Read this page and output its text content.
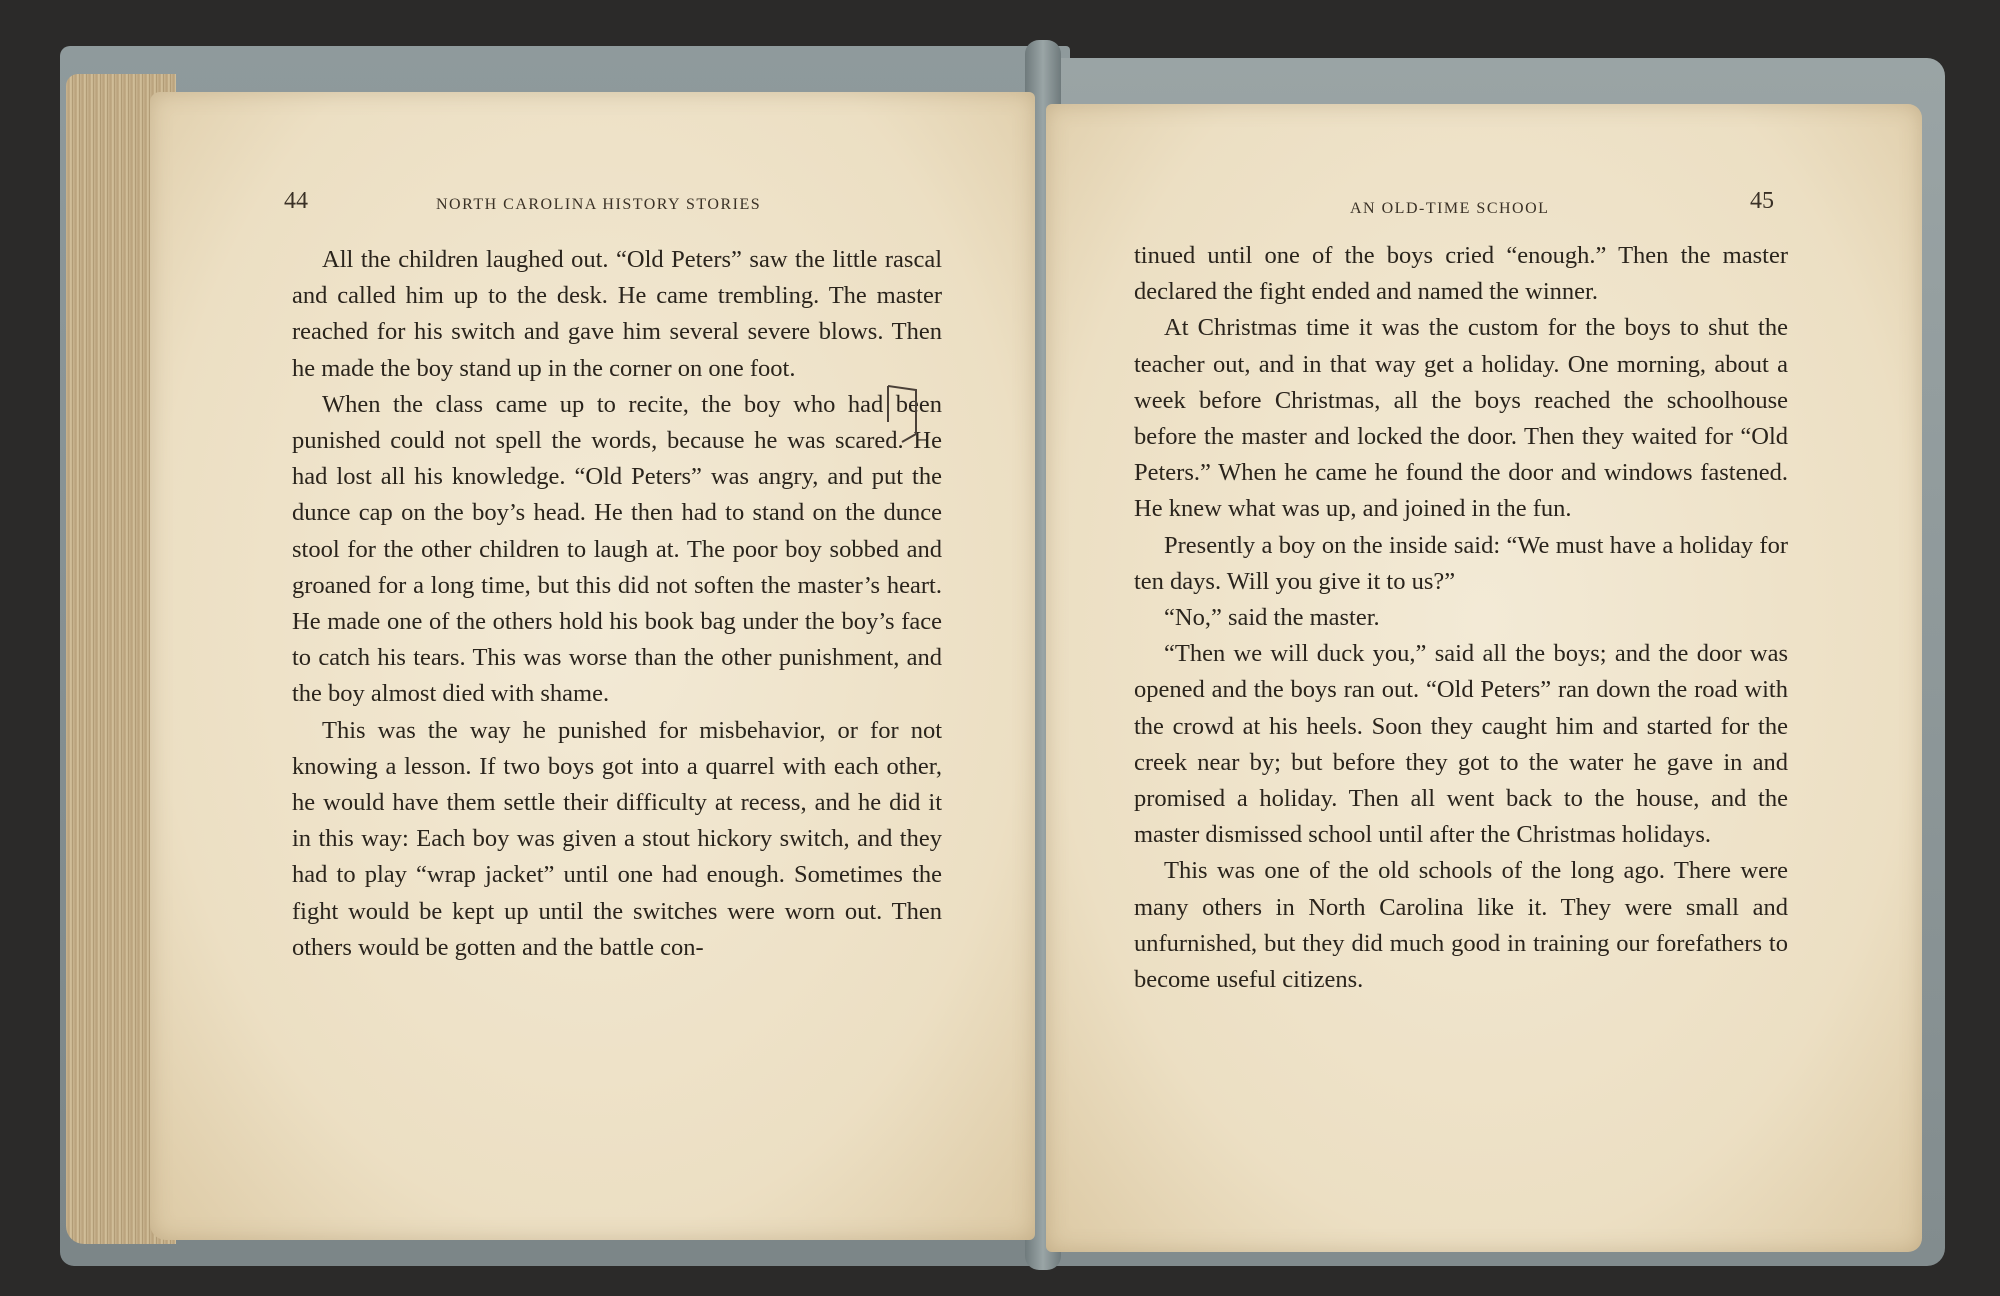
44	NORTH CAROLINA HISTORY STORIES

All the children laughed out. “Old Peters” saw the little rascal and called him up to the desk. He came trembling. The master reached for his switch and gave him several severe blows. Then he made the boy stand up in the corner on one foot.

When the class came up to recite, the boy who had been punished could not spell the words, because he was scared. He had lost all his knowledge. “Old Peters” was angry, and put the dunce cap on the boy’s head. He then had to stand on the dunce stool for the other children to laugh at. The poor boy sobbed and groaned for a long time, but this did not soften the master’s heart. He made one of the others hold his book bag under the boy’s face to catch his tears. This was worse than the other punishment, and the boy almost died with shame.

This was the way he punished for misbehavior, or for not knowing a lesson. If two boys got into a quarrel with each other, he would have them settle their difficulty at recess, and he did it in this way: Each boy was given a stout hickory switch, and they had to play “wrap jacket” until one had enough. Sometimes the fight would be kept up until the switches were worn out. Then others would be gotten and the battle con-

AN OLD-TIME SCHOOL	45

tinued until one of the boys cried “enough.” Then the master declared the fight ended and named the winner.

At Christmas time it was the custom for the boys to shut the teacher out, and in that way get a holiday. One morning, about a week before Christmas, all the boys reached the schoolhouse before the master and locked the door. Then they waited for “Old Peters.” When he came he found the door and windows fastened. He knew what was up, and joined in the fun.

Presently a boy on the inside said: “We must have a holiday for ten days. Will you give it to us?”

“No,” said the master.

“Then we will duck you,” said all the boys; and the door was opened and the boys ran out. “Old Peters” ran down the road with the crowd at his heels. Soon they caught him and started for the creek near by; but before they got to the water he gave in and promised a holiday. Then all went back to the house, and the master dismissed school until after the Christmas holidays.

This was one of the old schools of the long ago. There were many others in North Carolina like it. They were small and unfurnished, but they did much good in training our forefathers to become useful citizens.
